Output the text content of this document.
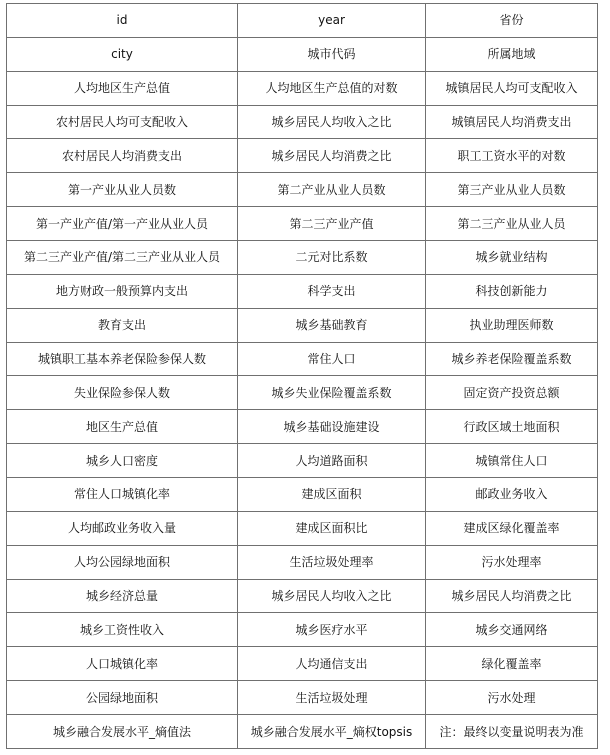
id	year	省份
city	城市代码	所属地域
人均地区生产总值	人均地区生产总值的对数	城镇居民人均可支配收入
农村居民人均可支配收入	城乡居民人均收入之比	城镇居民人均消费支出
农村居民人均消费支出	城乡居民人均消费之比	职工工资水平的对数
第一产业从业人员数	第二产业从业人员数	第三产业从业人员数
第一产业产值/第一产业从业人员	第二三产业产值	第二三产业从业人员
第二三产业产值/第二三产业从业人员	二元对比系数	城乡就业结构
地方财政一般预算内支出	科学支出	科技创新能力
教育支出	城乡基础教育	执业助理医师数
城镇职工基本养老保险参保人数	常住人口	城乡养老保险覆盖系数
失业保险参保人数	城乡失业保险覆盖系数	固定资产投资总额
地区生产总值	城乡基础设施建设	行政区域土地面积
城乡人口密度	人均道路面积	城镇常住人口
常住人口城镇化率	建成区面积	邮政业务收入
人均邮政业务收入量	建成区面积比	建成区绿化覆盖率
人均公园绿地面积	生活垃圾处理率	污水处理率
城乡经济总量	城乡居民人均收入之比	城乡居民人均消费之比
城乡工资性收入	城乡医疗水平	城乡交通网络
人口城镇化率	人均通信支出	绿化覆盖率
公园绿地面积	生活垃圾处理	污水处理
城乡融合发展水平_熵值法	城乡融合发展水平_熵权topsis	注：最终以变量说明表为准
